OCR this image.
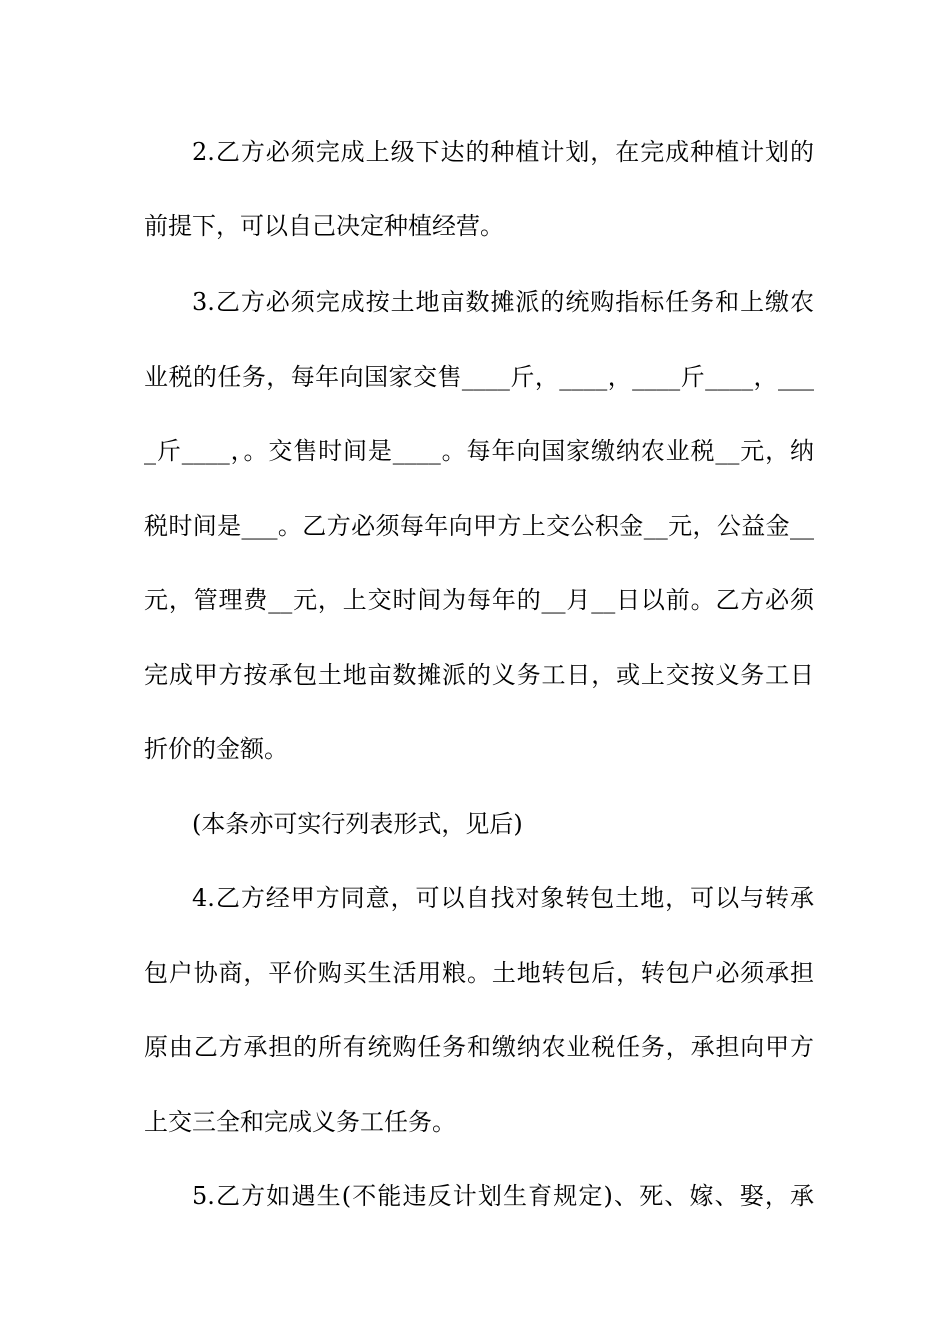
2.乙方必须完成上级下达的种植计划，在完成种植计划的
前提下，可以自己决定种植经营。
3.乙方必须完成按土地亩数摊派的统购指标任务和上缴农
业税的任务，每年向国家交售____斤，____，____斤____，___
_斤____，。交售时间是____。每年向国家缴纳农业税__元，纳
税时间是___。乙方必须每年向甲方上交公积金__元，公益金__
元，管理费__元，上交时间为每年的__月__日以前。乙方必须
完成甲方按承包土地亩数摊派的义务工日，或上交按义务工日
折价的金额。
(本条亦可实行列表形式，见后)
4.乙方经甲方同意，可以自找对象转包土地，可以与转承
包户协商，平价购买生活用粮。土地转包后，转包户必须承担
原由乙方承担的所有统购任务和缴纳农业税任务，承担向甲方
上交三全和完成义务工任务。
5.乙方如遇生(不能违反计划生育规定)、死、嫁、娶，承
